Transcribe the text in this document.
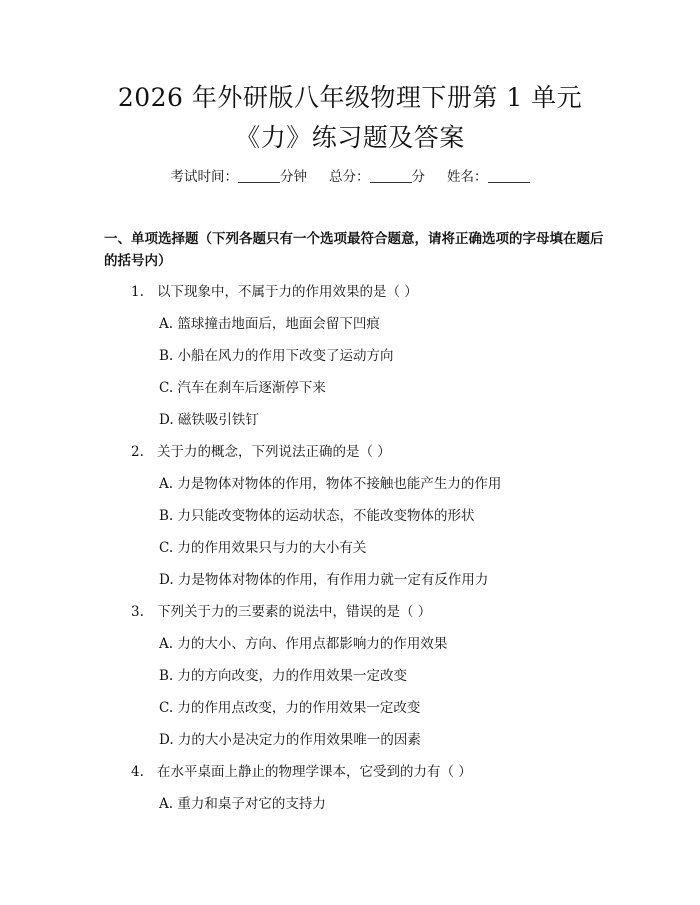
2026 年外研版八年级物理下册第 1 单元
《力》练习题及答案
考试时间：	分钟 总分：	分 姓名：
一、单项选择题（下列各题只有一个选项最符合题意，请将正确选项的字母填在题后的括号内）
1. 以下现象中，不属于力的作用效果的是（ ）
A. 篮球撞击地面后，地面会留下凹痕
B. 小船在风力的作用下改变了运动方向
C. 汽车在刹车后逐渐停下来
D. 磁铁吸引铁钉
2. 关于力的概念，下列说法正确的是（ ）
A. 力是物体对物体的作用，物体不接触也能产生力的作用
B. 力只能改变物体的运动状态，不能改变物体的形状
C. 力的作用效果只与力的大小有关
D. 力是物体对物体的作用，有作用力就一定有反作用力
3. 下列关于力的三要素的说法中，错误的是（ ）
A. 力的大小、方向、作用点都影响力的作用效果
B. 力的方向改变，力的作用效果一定改变
C. 力的作用点改变，力的作用效果一定改变
D. 力的大小是决定力的作用效果唯一的因素
4. 在水平桌面上静止的物理学课本，它受到的力有（ ）
A. 重力和桌子对它的支持力
